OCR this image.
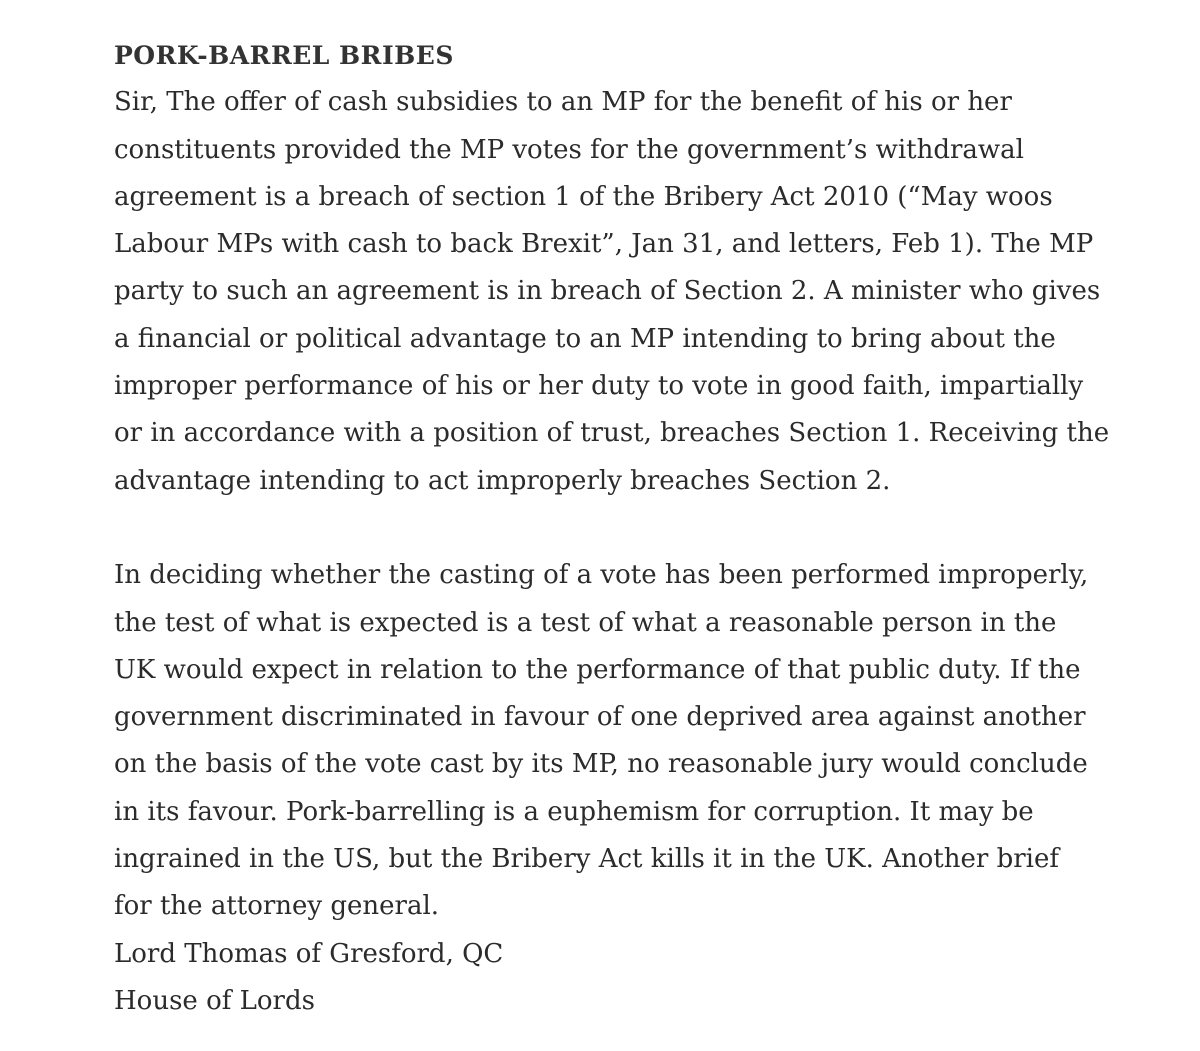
PORK-BARREL BRIBES
Sir, The offer of cash subsidies to an MP for the benefit of his or her
constituents provided the MP votes for the government’s withdrawal
agreement is a breach of section 1 of the Bribery Act 2010 (“May woos
Labour MPs with cash to back Brexit”, Jan 31, and letters, Feb 1). The MP
party to such an agreement is in breach of Section 2. A minister who gives
a financial or political advantage to an MP intending to bring about the
improper performance of his or her duty to vote in good faith, impartially
or in accordance with a position of trust, breaches Section 1. Receiving the
advantage intending to act improperly breaches Section 2.
In deciding whether the casting of a vote has been performed improperly,
the test of what is expected is a test of what a reasonable person in the
UK would expect in relation to the performance of that public duty. If the
government discriminated in favour of one deprived area against another
on the basis of the vote cast by its MP, no reasonable jury would conclude
in its favour. Pork-barrelling is a euphemism for corruption. It may be
ingrained in the US, but the Bribery Act kills it in the UK. Another brief
for the attorney general.
Lord Thomas of Gresford, QC
House of Lords
